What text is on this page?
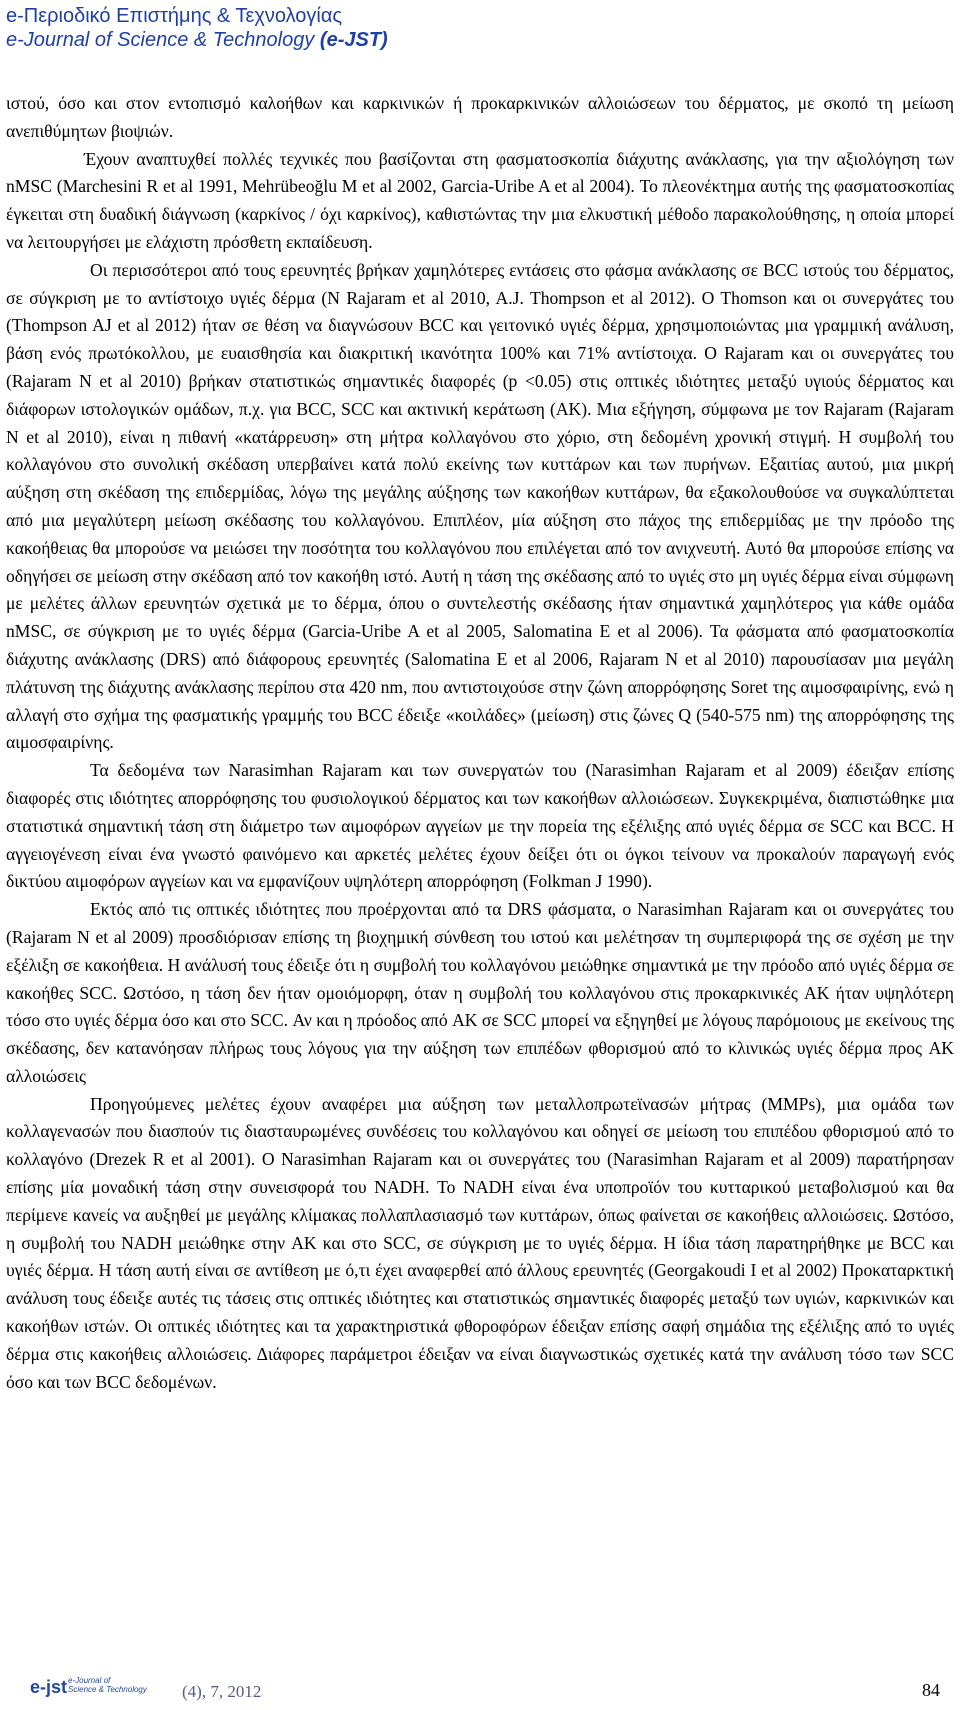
e-Περιοδικό Επιστήμης & Τεχνολογίας
e-Journal of Science & Technology (e-JST)

ιστού, όσο και στον εντοπισμό καλοήθων και καρκινικών ή προκαρκινικών αλλοιώσεων του δέρματος, με σκοπό τη μείωση ανεπιθύμητων βιοψιών.

Έχουν αναπτυχθεί πολλές τεχνικές που βασίζονται στη φασματοσκοπία διάχυτης ανάκλασης, για την αξιολόγηση των nMSC (Marchesini R et al 1991, Mehrübeoğlu M et al 2002, Garcia-Uribe A et al 2004). Το πλεονέκτημα αυτής της φασματοσκοπίας έγκειται στη δυαδική διάγνωση (καρκίνος / όχι καρκίνος), καθιστώντας την μια ελκυστική μέθοδο παρακολούθησης, η οποία μπορεί να λειτουργήσει με ελάχιστη πρόσθετη εκπαίδευση.

Οι περισσότεροι από τους ερευνητές βρήκαν χαμηλότερες εντάσεις στο φάσμα ανάκλασης σε BCC ιστούς του δέρματος, σε σύγκριση με το αντίστοιχο υγιές δέρμα (N Rajaram et al 2010, A.J. Thompson et al 2012). O Thomson και οι συνεργάτες του (Thompson AJ et al 2012) ήταν σε θέση να διαγνώσουν BCC και γειτονικό υγιές δέρμα, χρησιμοποιώντας μια γραμμική ανάλυση, βάση ενός πρωτόκολλου, με ευαισθησία και διακριτική ικανότητα 100% και 71% αντίστοιχα. O Rajaram και οι συνεργάτες του (Rajaram N et al 2010) βρήκαν στατιστικώς σημαντικές διαφορές (p <0.05) στις οπτικές ιδιότητες μεταξύ υγιούς δέρματος και διάφορων ιστολογικών ομάδων, π.χ. για BCC, SCC και ακτινική κεράτωση (AK). Μια εξήγηση, σύμφωνα με τον Rajaram (Rajaram N et al 2010), είναι η πιθανή «κατάρρευση» στη μήτρα κολλαγόνου στο χόριο, στη δεδομένη χρονική στιγμή. Η συμβολή του κολλαγόνου στο συνολική σκέδαση υπερβαίνει κατά πολύ εκείνης των κυττάρων και των πυρήνων. Εξαιτίας αυτού, μια μικρή αύξηση στη σκέδαση της επιδερμίδας, λόγω της μεγάλης αύξησης των κακοήθων κυττάρων, θα εξακολουθούσε να συγκαλύπτεται από μια μεγαλύτερη μείωση σκέδασης του κολλαγόνου. Επιπλέον, μία αύξηση στο πάχος της επιδερμίδας με την πρόοδο της κακοήθειας θα μπορούσε να μειώσει την ποσότητα του κολλαγόνου που επιλέγεται από τον ανιχνευτή. Αυτό θα μπορούσε επίσης να οδηγήσει σε μείωση στην σκέδαση από τον κακοήθη ιστό. Αυτή η τάση της σκέδασης από το υγιές στο μη υγιές δέρμα είναι σύμφωνη με μελέτες άλλων ερευνητών σχετικά με το δέρμα, όπου ο συντελεστής σκέδασης ήταν σημαντικά χαμηλότερος για κάθε ομάδα nMSC, σε σύγκριση με το υγιές δέρμα (Garcia-Uribe A et al 2005, Salomatina E et al 2006). Τα φάσματα από φασματοσκοπία διάχυτης ανάκλασης (DRS) από διάφορους ερευνητές (Salomatina E et al 2006, Rajaram N et al 2010) παρουσίασαν μια μεγάλη πλάτυνση της διάχυτης ανάκλασης περίπου στα 420 nm, που αντιστοιχούσε στην ζώνη απορρόφησης Soret της αιμοσφαιρίνης, ενώ η αλλαγή στο σχήμα της φασματικής γραμμής του BCC έδειξε «κοιλάδες» (μείωση) στις ζώνες Q (540-575 nm) της απορρόφησης της αιμοσφαιρίνης.

Τα δεδομένα των Narasimhan Rajaram και των συνεργατών του (Narasimhan Rajaram et al 2009) έδειξαν επίσης διαφορές στις ιδιότητες απορρόφησης του φυσιολογικού δέρματος και των κακοήθων αλλοιώσεων. Συγκεκριμένα, διαπιστώθηκε μια στατιστικά σημαντική τάση στη διάμετρο των αιμοφόρων αγγείων με την πορεία της εξέλιξης από υγιές δέρμα σε SCC και BCC. Η αγγειογένεση είναι ένα γνωστό φαινόμενο και αρκετές μελέτες έχουν δείξει ότι οι όγκοι τείνουν να προκαλούν παραγωγή ενός δικτύου αιμοφόρων αγγείων και να εμφανίζουν υψηλότερη απορρόφηση (Folkman J 1990).

Εκτός από τις οπτικές ιδιότητες που προέρχονται από τα DRS φάσματα, ο Narasimhan Rajaram και οι συνεργάτες του (Rajaram N et al 2009) προσδιόρισαν επίσης τη βιοχημική σύνθεση του ιστού και μελέτησαν τη συμπεριφορά της σε σχέση με την εξέλιξη σε κακοήθεια. Η ανάλυσή τους έδειξε ότι η συμβολή του κολλαγόνου μειώθηκε σημαντικά με την πρόοδο από υγιές δέρμα σε κακοήθες SCC. Ωστόσο, η τάση δεν ήταν ομοιόμορφη, όταν η συμβολή του κολλαγόνου στις προκαρκινικές AK ήταν υψηλότερη τόσο στο υγιές δέρμα όσο και στο SCC. Αν και η πρόοδος από AK σε SCC μπορεί να εξηγηθεί με λόγους παρόμοιους με εκείνους της σκέδασης, δεν κατανόησαν πλήρως τους λόγους για την αύξηση των επιπέδων φθορισμού από το κλινικώς υγιές δέρμα προς AK αλλοιώσεις

Προηγούμενες μελέτες έχουν αναφέρει μια αύξηση των μεταλλοπρωτεϊνασών μήτρας (MMPs), μια ομάδα των κολλαγενασών που διασπούν τις διασταυρωμένες συνδέσεις του κολλαγόνου και οδηγεί σε μείωση του επιπέδου φθορισμού από το κολλαγόνο (Drezek R et al 2001). O Narasimhan Rajaram και οι συνεργάτες του (Narasimhan Rajaram et al 2009) παρατήρησαν επίσης μία μοναδική τάση στην συνεισφορά του NADH. Το NADH είναι ένα υποπροϊόν του κυτταρικού μεταβολισμού και θα περίμενε κανείς να αυξηθεί με μεγάλης κλίμακας πολλαπλασιασμό των κυττάρων, όπως φαίνεται σε κακοήθεις αλλοιώσεις. Ωστόσο, η συμβολή του NADH μειώθηκε στην AK και στο SCC, σε σύγκριση με το υγιές δέρμα. Η ίδια τάση παρατηρήθηκε με BCC και υγιές δέρμα. Η τάση αυτή είναι σε αντίθεση με ό,τι έχει αναφερθεί από άλλους ερευνητές (Georgakoudi I et al 2002) Προκαταρκτική ανάλυση τους έδειξε αυτές τις τάσεις στις οπτικές ιδιότητες και στατιστικώς σημαντικές διαφορές μεταξύ των υγιών, καρκινικών και κακοήθων ιστών. Οι οπτικές ιδιότητες και τα χαρακτηριστικά φθοροφόρων έδειξαν επίσης σαφή σημάδια της εξέλιξης από το υγιές δέρμα στις κακοήθεις αλλοιώσεις. Διάφορες παράμετροι έδειξαν να είναι διαγνωστικώς σχετικές κατά την ανάλυση τόσο των SCC όσο και των BCC δεδομένων.

e-jst e-Journal of
Science & Technology	(4), 7, 2012	84
